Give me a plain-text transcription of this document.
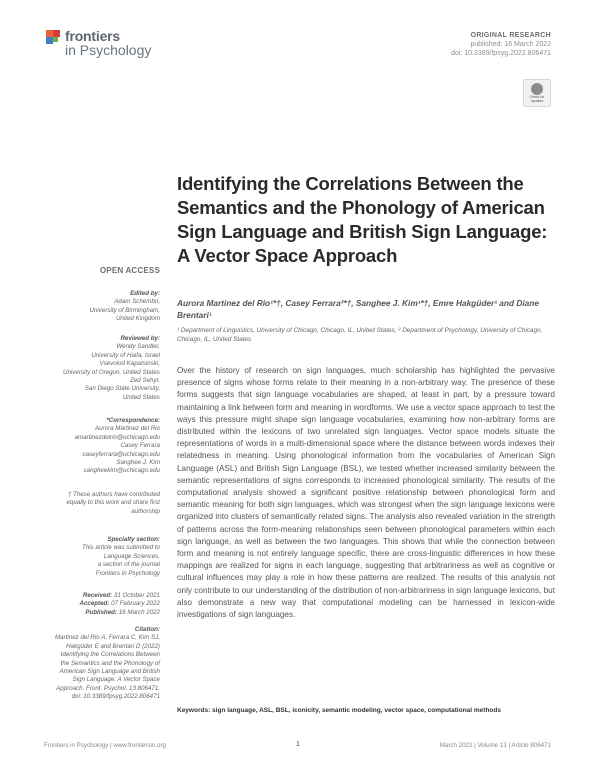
frontiers
in Psychology
ORIGINAL RESEARCH
published: 16 March 2022
doi: 10.3389/fpsyg.2022.806471
Check for updates
Identifying the Correlations Between the Semantics and the Phonology of American Sign Language and British Sign Language: A Vector Space Approach
Aurora Martinez del Rio¹*†, Casey Ferrara²*†, Sanghee J. Kim¹*†, Emre Hakgüder¹ and Diane Brentari¹
¹ Department of Linguistics, University of Chicago, Chicago, IL, United States, ² Department of Psychology, University of Chicago, Chicago, IL, United States
Over the history of research on sign languages, much scholarship has highlighted the pervasive presence of signs whose forms relate to their meaning in a non-arbitrary way. The presence of these forms suggests that sign language vocabularies are shaped, at least in part, by a pressure toward maintaining a link between form and meaning in wordforms. We use a vector space approach to test the ways this pressure might shape sign language vocabularies, examining how non-arbitrary forms are distributed within the lexicons of two unrelated sign languages. Vector space models situate the representations of words in a multi-dimensional space where the distance between words indexes their relatedness in meaning. Using phonological information from the vocabularies of American Sign Language (ASL) and British Sign Language (BSL), we tested whether increased similarity between the semantic representations of signs corresponds to increased phonological similarity. The results of the computational analysis showed a significant positive relationship between phonological form and semantic meaning for both sign languages, which was strongest when the sign language lexicons were organized into clusters of semantically related signs. The analysis also revealed variation in the strength of patterns across the form-meaning relationships seen between phonological parameters within each sign language, as well as between the two languages. This shows that while the connection between form and meaning is not entirely language specific, there are cross-linguistic differences in how these mappings are realized for signs in each language, suggesting that arbitrariness as well as cognitive or cultural influences may play a role in how these patterns are realized. The results of this analysis not only contribute to our understanding of the distribution of non-arbitrariness in sign language lexicons, but also demonstrate a new way that computational modeling can be harnessed in lexicon-wide investigations of sign languages.
Keywords: sign language, ASL, BSL, iconicity, semantic modeling, vector space, computational methods
OPEN ACCESS
Edited by:
Adam Schembri,
University of Birmingham,
United Kingdom
Reviewed by:
Wendy Sandler,
University of Haifa, Israel
Vsevolod Kapatsinski,
University of Oregon, United States
Zed Sehyr,
San Diego State University,
United States
*Correspondence:
Aurora Martinez del Rio
amartinezdelrio@uchicago.edu
Casey Ferrara
caseyferrara@uchicago.edu
Sanghee J. Kim
sangheekim@uchicago.edu
† These authors have contributed
equally to this work and share first
authorship
Specialty section:
This article was submitted to
Language Sciences,
a section of the journal
Frontiers in Psychology
Received: 31 October 2021
Accepted: 07 February 2022
Published: 16 March 2022
Citation:
Martinez del Rio A, Ferrara C, Kim SJ,
Hakgüder E and Brentari D (2022)
Identifying the Correlations Between
the Semantics and the Phonology of
American Sign Language and British
Sign Language: A Vector Space
Approach. Front. Psychol. 13:806471.
doi: 10.3389/fpsyg.2022.806471
Frontiers in Psychology | www.frontiersin.org	1	March 2022 | Volume 13 | Article 806471
